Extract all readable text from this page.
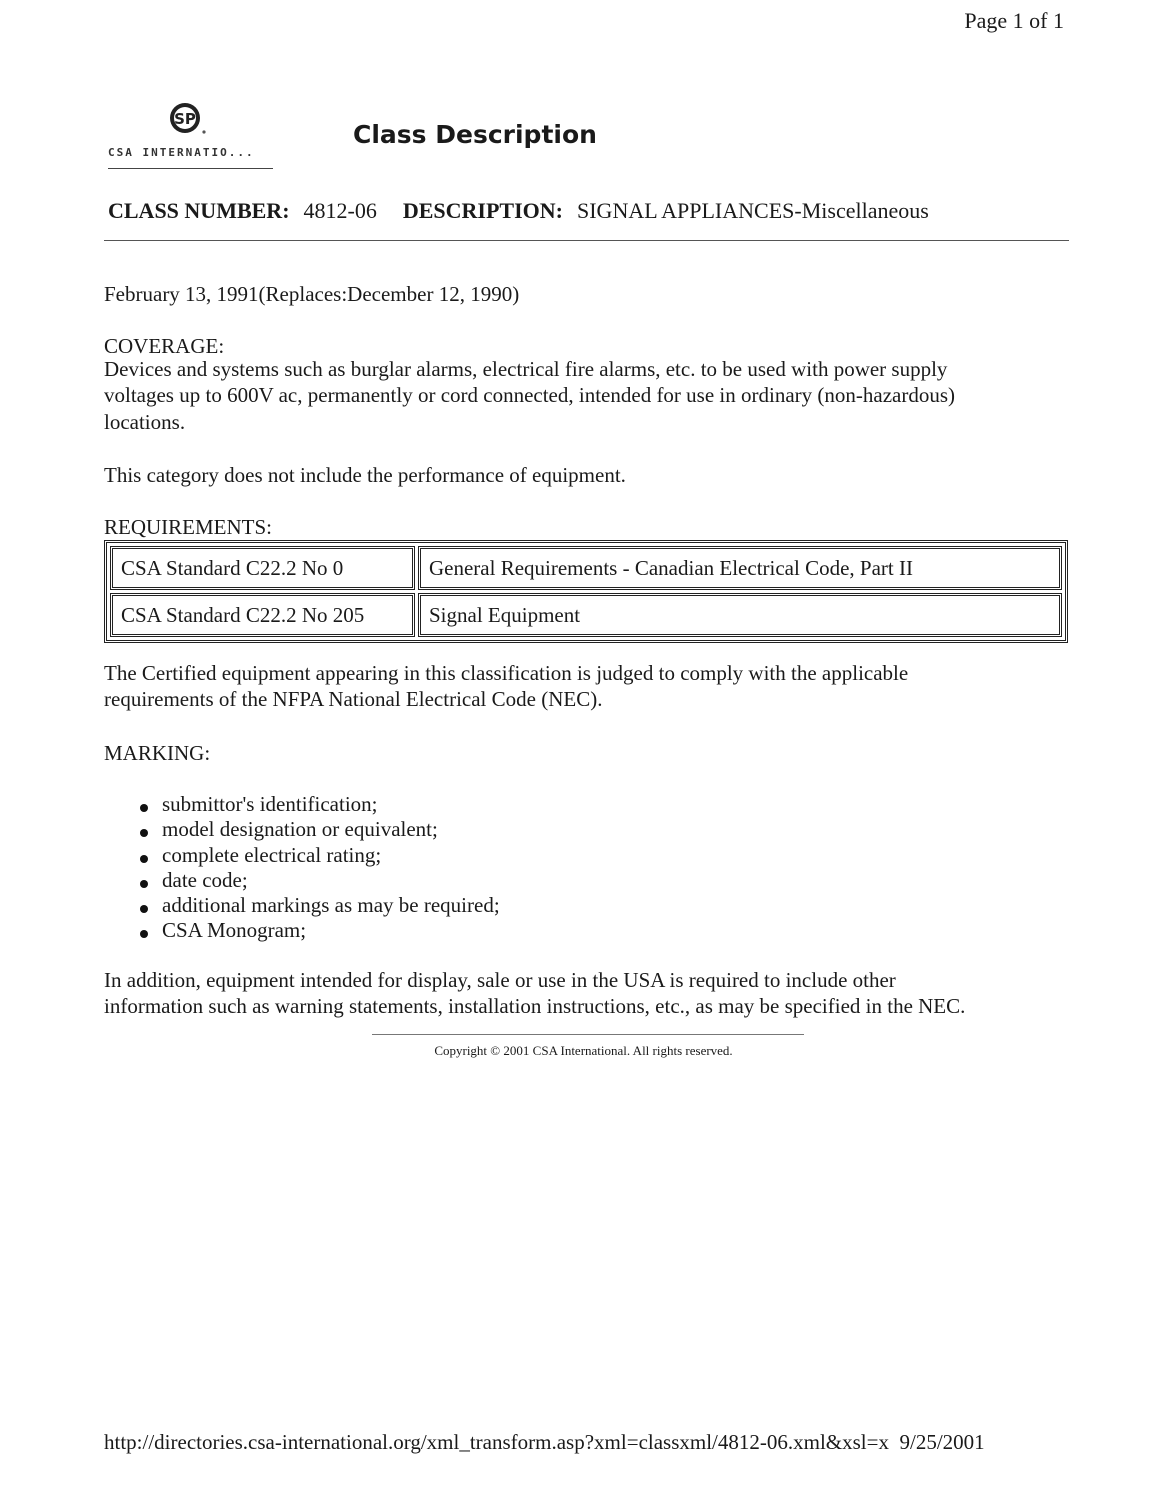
Page 1 of 1
SP
CSA INTERNATIO...
Class Description
CLASS NUMBER: 4812-06 DESCRIPTION: SIGNAL APPLIANCES-Miscellaneous
February 13, 1991(Replaces:December 12, 1990)
COVERAGE:
Devices and systems such as burglar alarms, electrical fire alarms, etc. to be used with power supply
voltages up to 600V ac, permanently or cord connected, intended for use in ordinary (non-hazardous)
locations.
This category does not include the performance of equipment.
REQUIREMENTS:
CSA Standard C22.2 No 0	General Requirements - Canadian Electrical Code, Part II
CSA Standard C22.2 No 205	Signal Equipment
The Certified equipment appearing in this classification is judged to comply with the applicable
requirements of the NFPA National Electrical Code (NEC).
MARKING:
submittor's identification;
model designation or equivalent;
complete electrical rating;
date code;
additional markings as may be required;
CSA Monogram;
In addition, equipment intended for display, sale or use in the USA is required to include other
information such as warning statements, installation instructions, etc., as may be specified in the NEC.
Copyright © 2001 CSA International. All rights reserved.
http://directories.csa-international.org/xml_transform.asp?xml=classxml/4812-06.xml&xsl=x 9/25/2001
